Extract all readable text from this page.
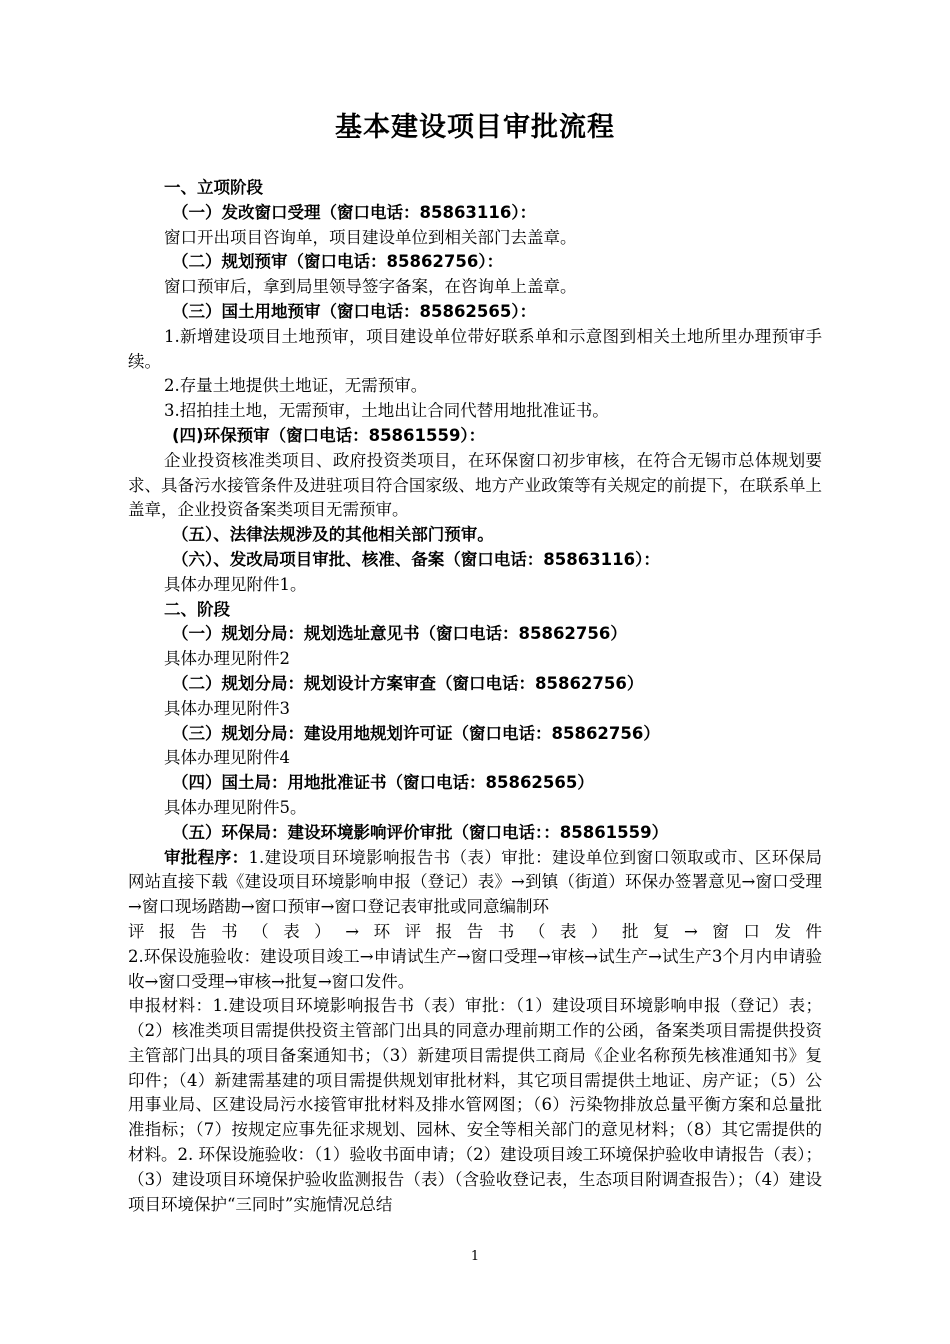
基本建设项目审批流程

一、立项阶段

（一）发改窗口受理（窗口电话：85863116）：

窗口开出项目咨询单，项目建设单位到相关部门去盖章。

（二）规划预审（窗口电话：85862756）：

窗口预审后，拿到局里领导签字备案，在咨询单上盖章。

（三）国土用地预审（窗口电话：85862565）：

1.新增建设项目土地预审，项目建设单位带好联系单和示意图到相关土地所里办理预审手续。

2.存量土地提供土地证，无需预审。

3.招拍挂土地，无需预审，土地出让合同代替用地批准证书。

(四)环保预审（窗口电话：85861559）：

企业投资核准类项目、政府投资类项目，在环保窗口初步审核，在符合无锡市总体规划要求、具备污水接管条件及进驻项目符合国家级、地方产业政策等有关规定的前提下，在联系单上盖章，企业投资备案类项目无需预审。

（五）、法律法规涉及的其他相关部门预审。

（六）、发改局项目审批、核准、备案（窗口电话：85863116）：

具体办理见附件1。

二、阶段

（一）规划分局：规划选址意见书（窗口电话：85862756）

具体办理见附件2

（二）规划分局：规划设计方案审查（窗口电话：85862756）

具体办理见附件3

（三）规划分局：建设用地规划许可证（窗口电话：85862756）

具体办理见附件4

（四）国土局：用地批准证书（窗口电话：85862565）

具体办理见附件5。

（五）环保局：建设环境影响评价审批（窗口电话：：85861559）

审批程序：1.建设项目环境影响报告书（表）审批：建设单位到窗口领取或市、区环保局网站直接下载《建设项目环境影响申报（登记）表》→到镇（街道）环保办签署意见→窗口受理→窗口现场踏勘→窗口预审→窗口登记表审批或同意编制环

评报告书（表）→环评报告书（表）批复→窗口发件

2.环保设施验收：建设项目竣工→申请试生产→窗口受理→审核→试生产→试生产3个月内申请验收→窗口受理→审核→批复→窗口发件。

申报材料：1.建设项目环境影响报告书（表）审批：（1）建设项目环境影响申报（登记）表；（2）核准类项目需提供投资主管部门出具的同意办理前期工作的公函，备案类项目需提供投资主管部门出具的项目备案通知书；（3）新建项目需提供工商局《企业名称预先核准通知书》复印件；（4）新建需基建的项目需提供规划审批材料，其它项目需提供土地证、房产证；（5）公用事业局、区建设局污水接管审批材料及排水管网图；（6）污染物排放总量平衡方案和总量批准指标；（7）按规定应事先征求规划、园林、安全等相关部门的意见材料；（8）其它需提供的材料。2. 环保设施验收：（1）验收书面申请；（2）建设项目竣工环境保护验收申请报告（表）；（3）建设项目环境保护验收监测报告（表）（含验收登记表，生态项目附调查报告）；（4）建设项目环境保护“三同时”实施情况总结

1
